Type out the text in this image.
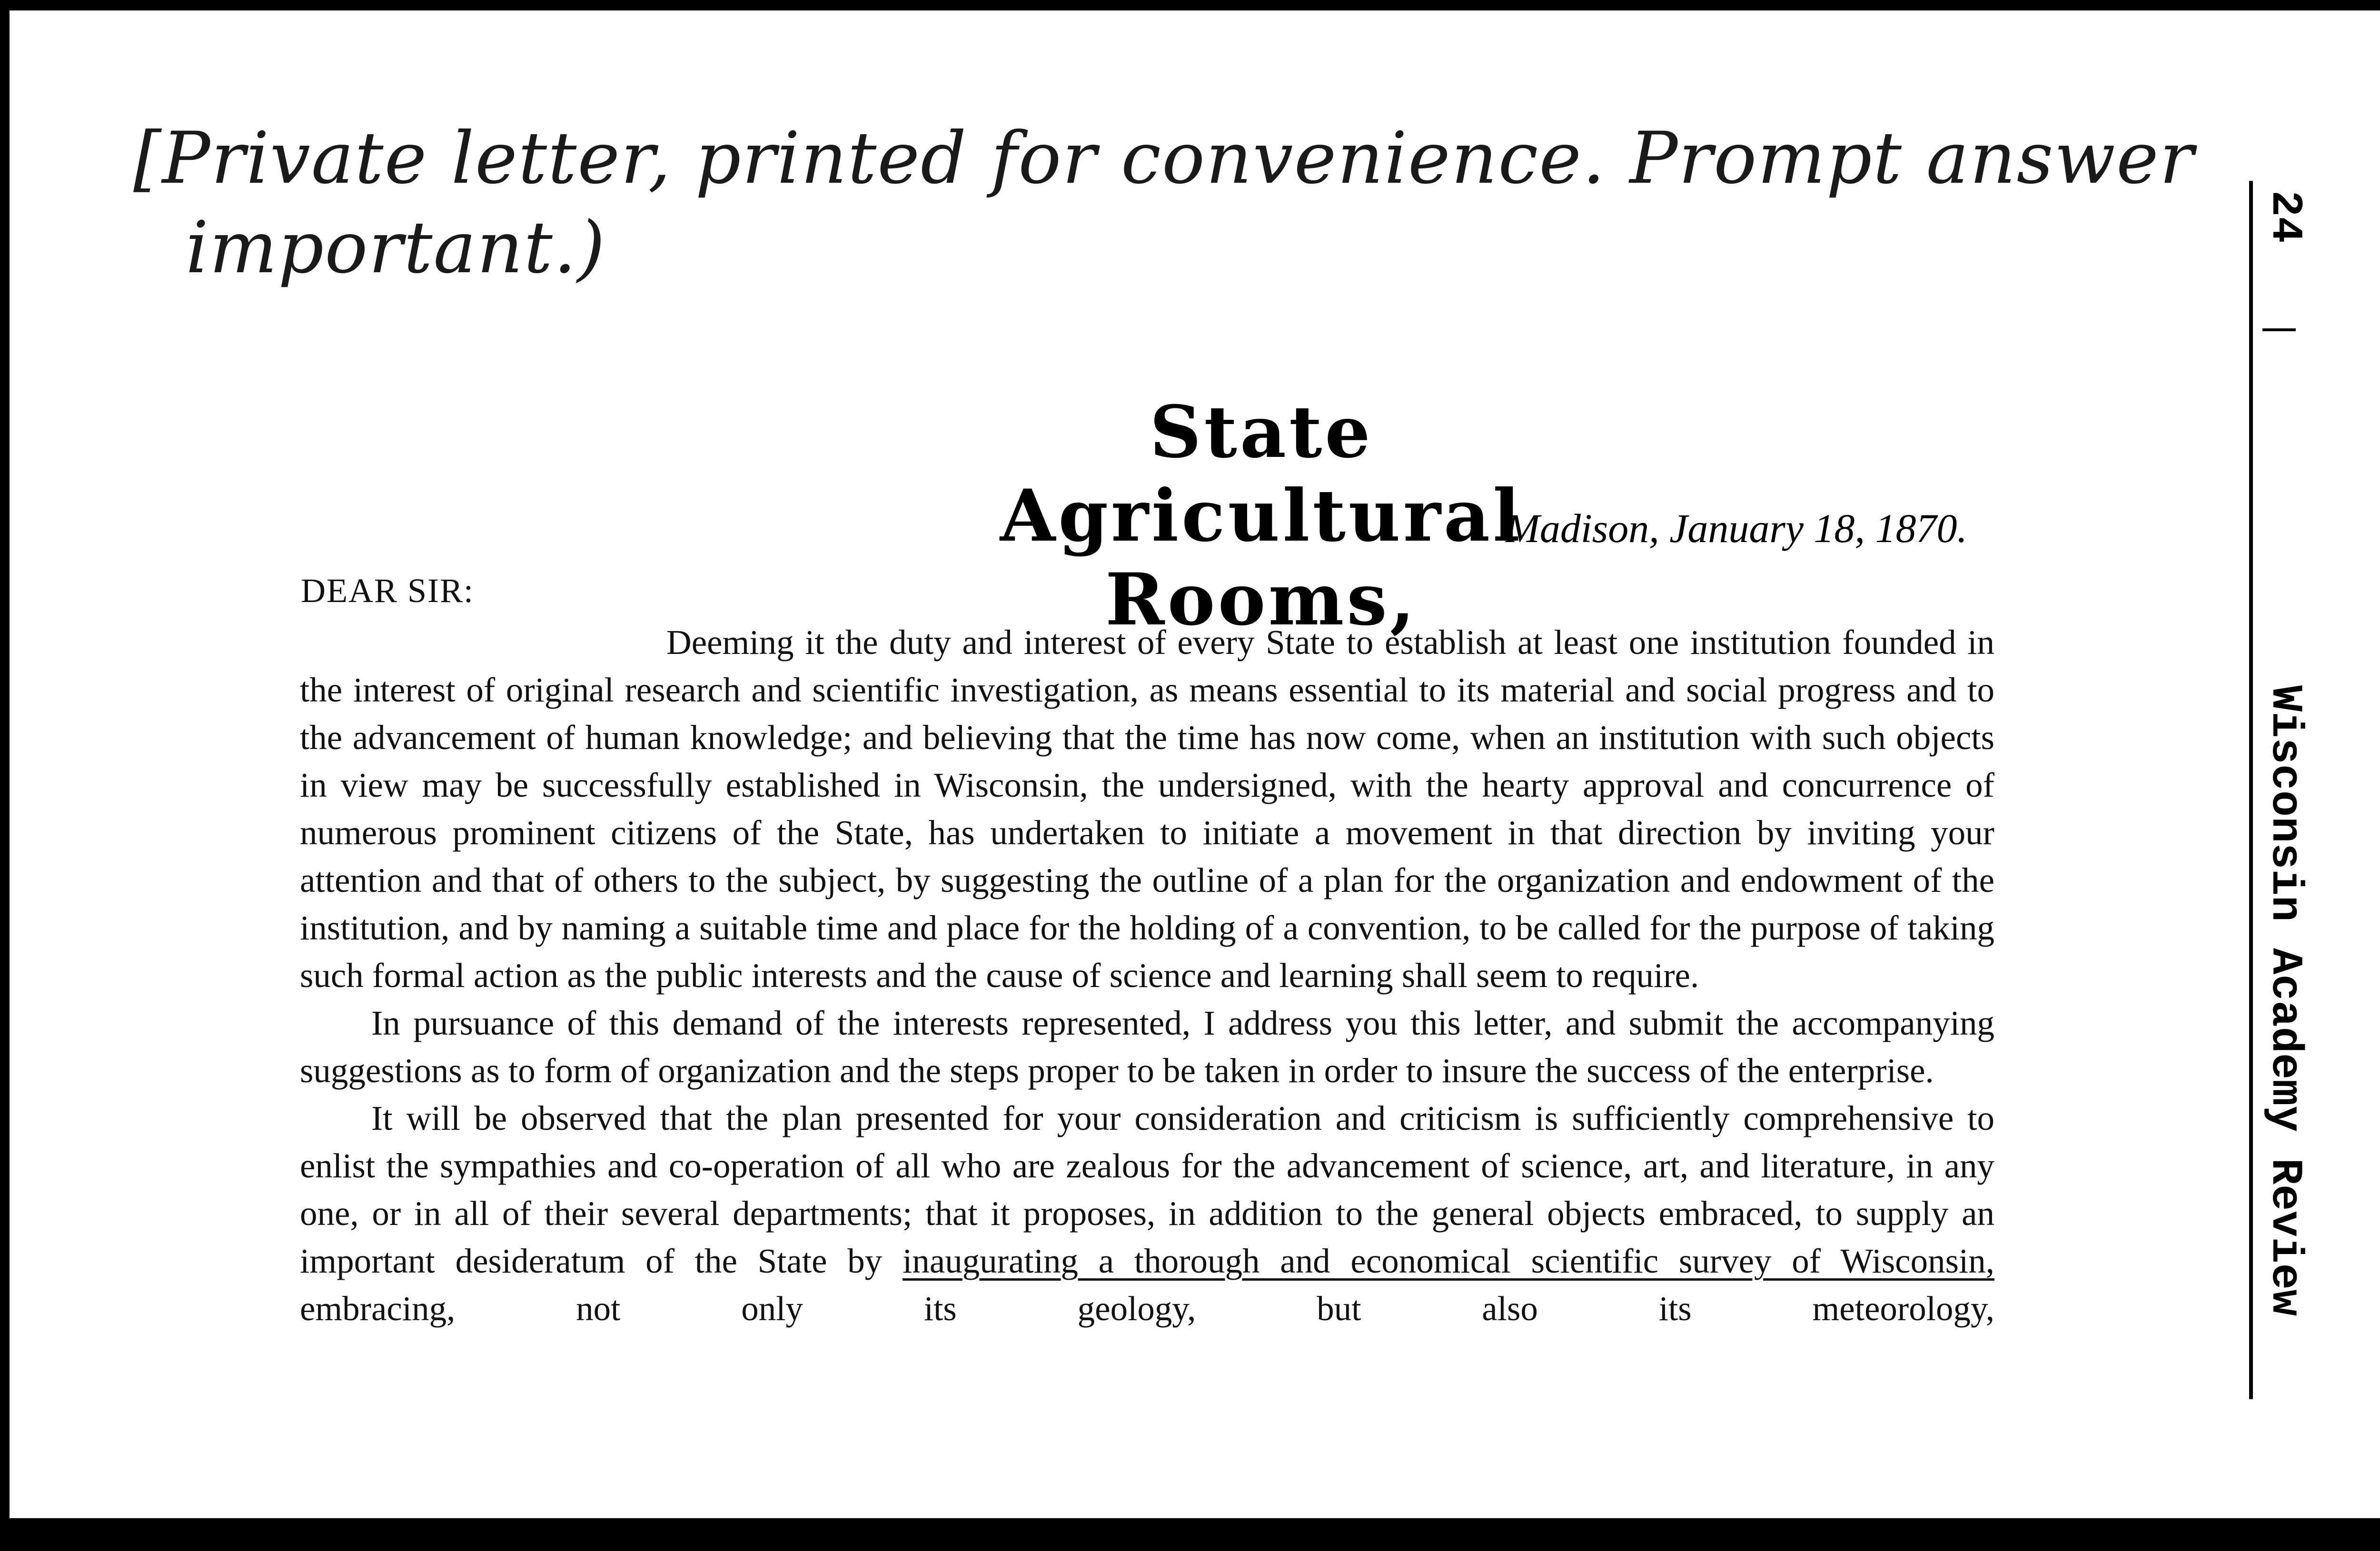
[Private letter, printed for convenience. Prompt answer
important.)	24
Wisconsin Academy Review
State Agricultural Rooms,
Madison, January 18, 1870.
DEAR SIR:

Deeming it the duty and interest of every State to establish at least one institution founded in the interest of original research and scientific investigation, as means essential to its material and social progress and to the advancement of human knowledge; and believing that the time has now come, when an institution with such objects in view may be successfully established in Wisconsin, the undersigned, with the hearty approval and concurrence of numerous prominent citizens of the State, has undertaken to initiate a movement in that direction by inviting your attention and that of others to the subject, by suggesting the outline of a plan for the organization and endowment of the institution, and by naming a suitable time and place for the holding of a convention, to be called for the purpose of taking such formal action as the public interests and the cause of science and learning shall seem to require.

In pursuance of this demand of the interests represented, I address you this letter, and submit the accompanying suggestions as to form of organization and the steps proper to be taken in order to insure the success of the enterprise.

It will be observed that the plan presented for your consideration and criticism is sufficiently comprehensive to enlist the sympathies and co-operation of all who are zealous for the advancement of science, art, and literature, in any one, or in all of their several departments; that it proposes, in addition to the general objects embraced, to supply an important desideratum of the State by inaugurating a thorough and economical scientific survey of Wisconsin, embracing, not only its geology, but also its meteorology,
